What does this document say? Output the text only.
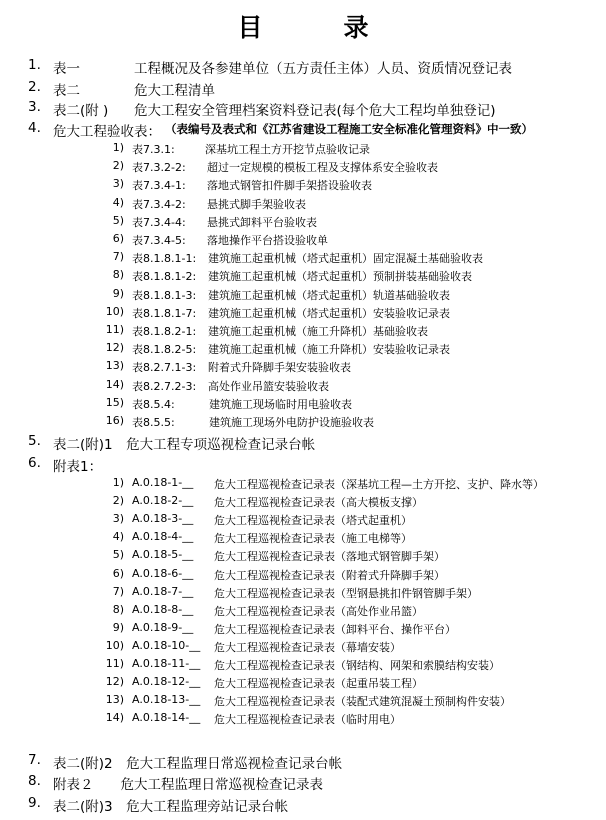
目　录
1. 表一	工程概况及各参建单位（五方责任主体）人员、资质情况登记表
2. 表二	危大工程清单
3. 表二(附 ) 危大工程安全管理档案资料登记表(每个危大工程均单独登记)
4. 危大工程验收表： （表编号及表式和《江苏省建设工程施工安全标准化管理资料》中一致）
1) 表7.3.1:	深基坑工程土方开挖节点验收记录
2) 表7.3.2-2: 超过一定规模的模板工程及支撑体系安全验收表
3) 表7.3.4-1: 落地式钢管扣件脚手架搭设验收表
4) 表7.3.4-2: 悬挑式脚手架验收表
5) 表7.3.4-4: 悬挑式卸料平台验收表
6) 表7.3.4-5: 落地操作平台搭设验收单
7) 表8.1.8.1-1: 建筑施工起重机械（塔式起重机）固定混凝土基础验收表
8) 表8.1.8.1-2: 建筑施工起重机械（塔式起重机）预制拼装基础验收表
9) 表8.1.8.1-3: 建筑施工起重机械（塔式起重机）轨道基础验收表
10) 表8.1.8.1-7: 建筑施工起重机械（塔式起重机）安装验收记录表
11) 表8.1.8.2-1: 建筑施工起重机械（施工升降机）基础验收表
12) 表8.1.8.2-5: 建筑施工起重机械（施工升降机）安装验收记录表
13) 表8.2.7.1-3: 附着式升降脚手架安装验收表
14) 表8.2.7.2-3: 高处作业吊篮安装验收表
15) 表8.5.4:	建筑施工现场临时用电验收表
16) 表8.5.5:	建筑施工现场外电防护设施验收表
5. 表二(附)1　危大工程专项巡视检查记录台帐
6. 附表1：
1) A.0.18-1-__ 危大工程巡视检查记录表（深基坑工程—土方开挖、支护、降水等）
2) A.0.18-2-__ 危大工程巡视检查记录表（高大模板支撑）
3) A.0.18-3-__ 危大工程巡视检查记录表（塔式起重机）
4) A.0.18-4-__ 危大工程巡视检查记录表（施工电梯等）
5) A.0.18-5-__ 危大工程巡视检查记录表（落地式钢管脚手架）
6) A.0.18-6-__ 危大工程巡视检查记录表（附着式升降脚手架）
7) A.0.18-7-__ 危大工程巡视检查记录表（型钢悬挑扣件钢管脚手架）
8) A.0.18-8-__ 危大工程巡视检查记录表（高处作业吊篮）
9) A.0.18-9-__ 危大工程巡视检查记录表（卸料平台、操作平台）
10) A.0.18-10-__ 危大工程巡视检查记录表（幕墙安装）
11) A.0.18-11-__ 危大工程巡视检查记录表（钢结构、网架和索膜结构安装）
12) A.0.18-12-__ 危大工程巡视检查记录表（起重吊装工程）
13) A.0.18-13-__ 危大工程巡视检查记录表（装配式建筑混凝土预制构件安装）
14) A.0.18-14-__ 危大工程巡视检查记录表（临时用电）
7. 表二(附)2　危大工程监理日常巡视检查记录台帐
8. 附表２　　危大工程监理日常巡视检查记录表
9. 表二(附)3　危大工程监理旁站记录台帐
